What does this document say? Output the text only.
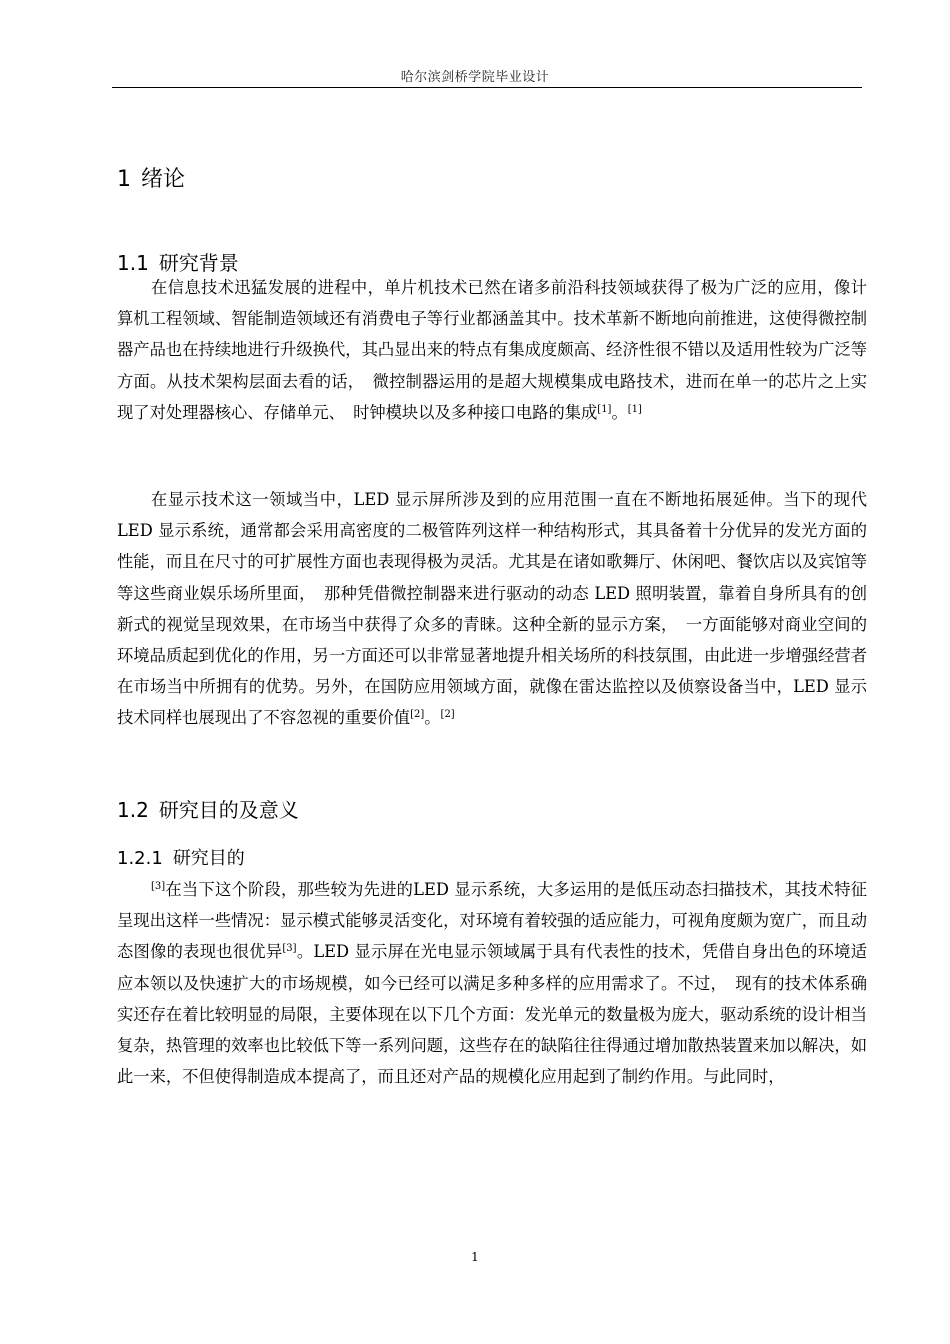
哈尔滨剑桥学院毕业设计
1 绪论
1.1 研究背景

在信息技术迅猛发展的进程中，单片机技术已然在诸多前沿科技领域获得了极为广泛的应用，像计算机工程领域、智能制造领域还有消费电子等行业都涵盖其中。技术革新不断地向前推进，这使得微控制器产品也在持续地进行升级换代，其凸显出来的特点有集成度颇高、经济性很不错以及适用性较为广泛等方面。从技术架构层面去看的话，　微控制器运用的是超大规模集成电路技术，进而在单一的芯片之上实现了对处理器核心、存储单元、　时钟模块以及多种接口电路的集成[1]。[1]

在显示技术这一领域当中，LED 显示屏所涉及到的应用范围一直在不断地拓展延伸。当下的现代 LED 显示系统，通常都会采用高密度的二极管阵列这样一种结构形式，其具备着十分优异的发光方面的性能，而且在尺寸的可扩展性方面也表现得极为灵活。尤其是在诸如歌舞厅、休闲吧、餐饮店以及宾馆等等这些商业娱乐场所里面，　那种凭借微控制器来进行驱动的动态 LED 照明装置，靠着自身所具有的创新式的视觉呈现效果，在市场当中获得了众多的青睐。这种全新的显示方案，　一方面能够对商业空间的环境品质起到优化的作用，另一方面还可以非常显著地提升相关场所的科技氛围，由此进一步增强经营者在市场当中所拥有的优势。另外，在国防应用领域方面，就像在雷达监控以及侦察设备当中，LED 显示技术同样也展现出了不容忽视的重要价值[2]。[2]

1.2 研究目的及意义
1.2.1 研究目的

[3]在当下这个阶段，那些较为先进的LED 显示系统，大多运用的是低压动态扫描技术，其技术特征呈现出这样一些情况：显示模式能够灵活变化，对环境有着较强的适应能力，可视角度颇为宽广，而且动态图像的表现也很优异[3]。LED 显示屏在光电显示领域属于具有代表性的技术，凭借自身出色的环境适应本领以及快速扩大的市场规模，如今已经可以满足多种多样的应用需求了。不过，　现有的技术体系确实还存在着比较明显的局限，主要体现在以下几个方面：发光单元的数量极为庞大，驱动系统的设计相当复杂，热管理的效率也比较低下等一系列问题，这些存在的缺陷往往得通过增加散热装置来加以解决，如此一来，不但使得制造成本提高了，而且还对产品的规模化应用起到了制约作用。与此同时，

1
